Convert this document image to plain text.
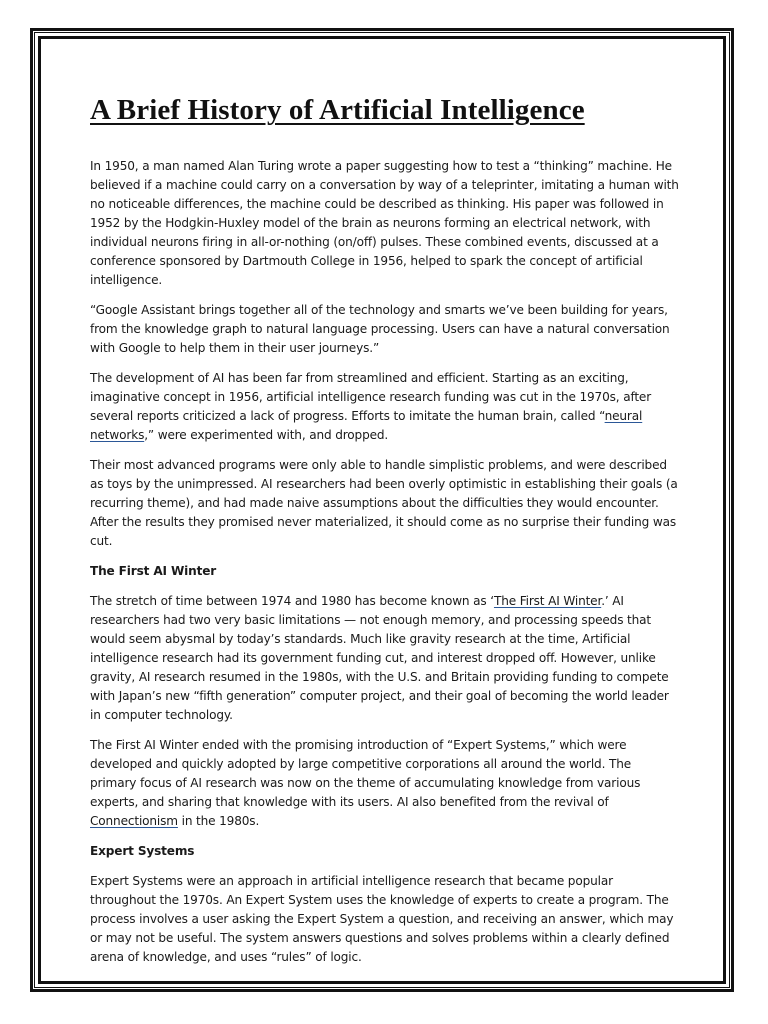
A Brief History of Artificial Intelligence

In 1950, a man named Alan Turing wrote a paper suggesting how to test a “thinking” machine. He believed if a machine could carry on a conversation by way of a teleprinter, imitating a human with no noticeable differences, the machine could be described as thinking. His paper was followed in 1952 by the Hodgkin-Huxley model of the brain as neurons forming an electrical network, with individual neurons firing in all-or-nothing (on/off) pulses. These combined events, discussed at a conference sponsored by Dartmouth College in 1956, helped to spark the concept of artificial intelligence.

“Google Assistant brings together all of the technology and smarts we’ve been building for years, from the knowledge graph to natural language processing. Users can have a natural conversation with Google to help them in their user journeys.”

The development of AI has been far from streamlined and efficient. Starting as an exciting, imaginative concept in 1956, artificial intelligence research funding was cut in the 1970s, after several reports criticized a lack of progress. Efforts to imitate the human brain, called “neural networks,” were experimented with, and dropped.

Their most advanced programs were only able to handle simplistic problems, and were described as toys by the unimpressed. AI researchers had been overly optimistic in establishing their goals (a recurring theme), and had made naive assumptions about the difficulties they would encounter. After the results they promised never materialized, it should come as no surprise their funding was cut.

The First AI Winter

The stretch of time between 1974 and 1980 has become known as ‘The First AI Winter.’ AI researchers had two very basic limitations — not enough memory, and processing speeds that would seem abysmal by today’s standards. Much like gravity research at the time, Artificial intelligence research had its government funding cut, and interest dropped off. However, unlike gravity, AI research resumed in the 1980s, with the U.S. and Britain providing funding to compete with Japan’s new “fifth generation” computer project, and their goal of becoming the world leader in computer technology.

The First AI Winter ended with the promising introduction of “Expert Systems,” which were developed and quickly adopted by large competitive corporations all around the world. The primary focus of AI research was now on the theme of accumulating knowledge from various experts, and sharing that knowledge with its users. AI also benefited from the revival of Connectionism in the 1980s.

Expert Systems

Expert Systems were an approach in artificial intelligence research that became popular throughout the 1970s. An Expert System uses the knowledge of experts to create a program. The process involves a user asking the Expert System a question, and receiving an answer, which may or may not be useful. The system answers questions and solves problems within a clearly defined arena of knowledge, and uses “rules” of logic.
